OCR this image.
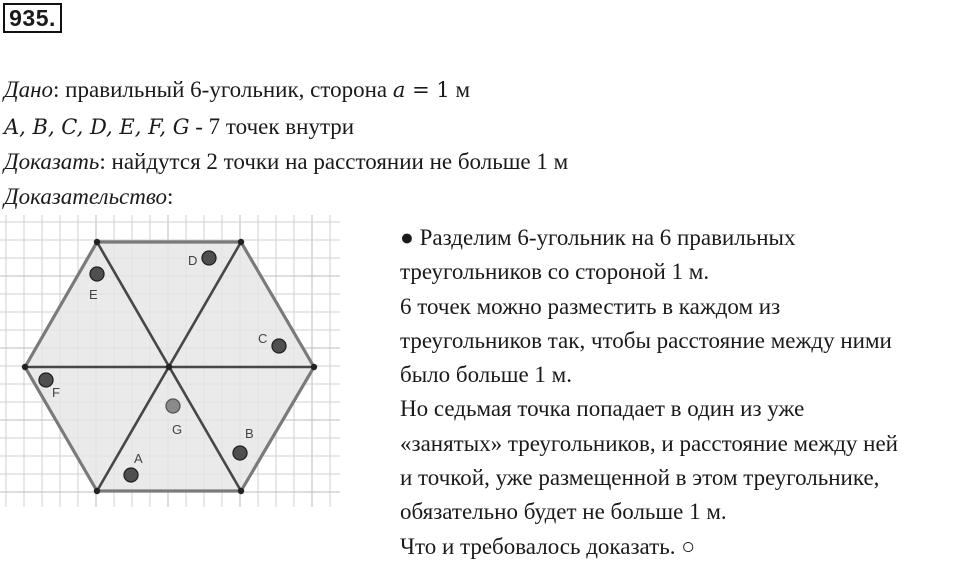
935.
Дано: правильный 6-угольник, сторона a = 1 м
A, B, C, D, E, F, G - 7 точек внутри
Доказать: найдутся 2 точки на расстоянии не больше 1 м
Доказательство:
A
B
C
D
E
F
G

● Разделим 6-угольник на 6 правильных

треугольников со стороной 1 м.

6 точек можно разместить в каждом из

треугольников так, чтобы расстояние между ними

было больше 1 м.

Но седьмая точка попадает в один из уже

«занятых» треугольников, и расстояние между ней

и точкой, уже размещенной в этом треугольнике,

обязательно будет не больше 1 м.

Что и требовалось доказать. ○
